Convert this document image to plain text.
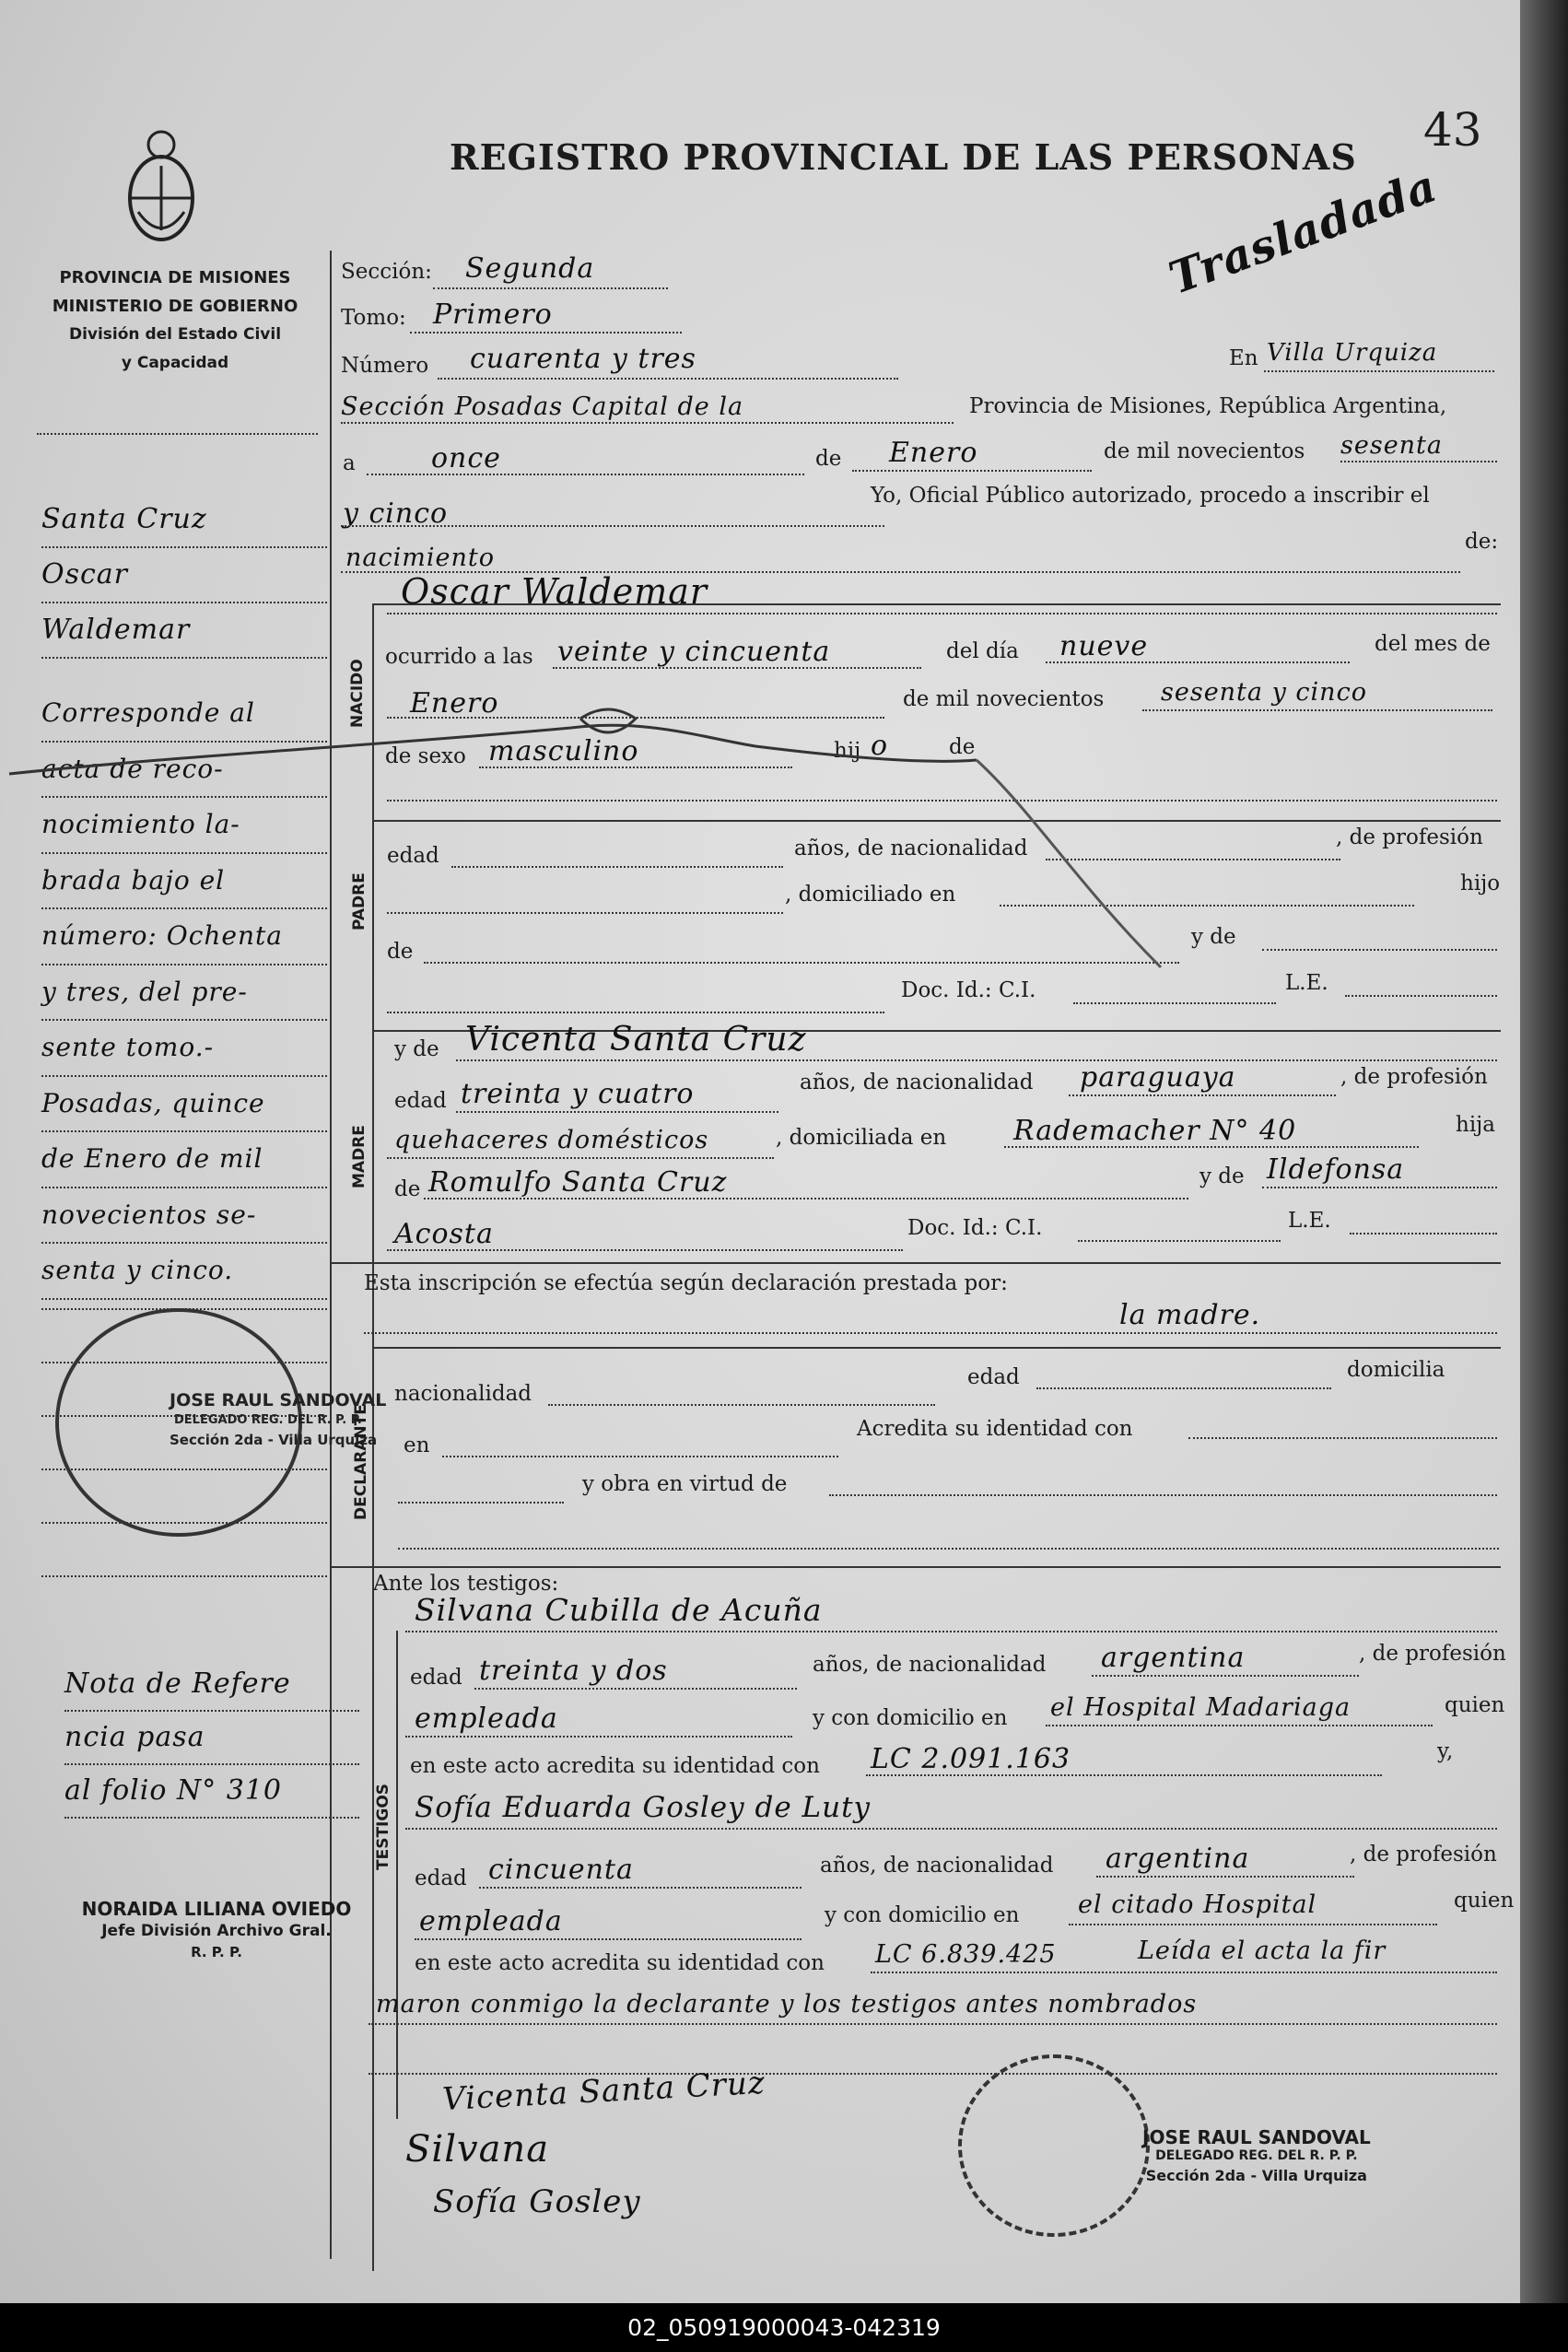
PROVINCIA DE MISIONES
MINISTERIO DE GOBIERNO
División del Estado Civil
y Capacidad
REGISTRO PROVINCIAL DE LAS PERSONAS
43
Trasladada
Santa Cruz
Oscar
Waldemar
Corresponde al
acta de reco-
nocimiento la-
brada bajo el
número: Ochenta
y tres, del pre-
sente tomo.-
Posadas, quince
de Enero de mil
novecientos se-
senta y cinco.
Nota de Refere
ncia pasa
al folio N° 310
JOSE RAUL SANDOVAL
DELEGADO REG. DEL R. P. P.
Sección 2da - Villa Urquiza
NORAIDA LILIANA OVIEDO
Jefe División Archivo Gral.
R. P. P.
Sección: Segunda
Tomo: Primero
Número cuarenta y tres	En Villa Urquiza
Sección Posadas Capital de la	Provincia de Misiones, República Argentina,
a	once	de Enero	de mil novecientos sesenta
y cinco
Yo, Oficial Público autorizado, procedo a inscribir el
nacimiento
de:
NACIDO
Oscar Waldemar
ocurrido a las veinte y cincuenta	del día nueve	del mes de
Enero	de mil novecientos sesenta y cinco
de sexo masculino	hij o	de
PADRE
edad	años, de nacionalidad	, de profesión
, domiciliado en	hijo
de
y de
Doc. Id.: C.I.	L.E.
MADRE
y de Vicenta Santa Cruz
edad treinta y cuatro	años, de nacionalidad paraguaya	, de profesión
quehaceres domésticos	, domiciliada en Rademacher N° 40	hija
de Romulfo Santa Cruz	y de Ildefonsa
Acosta	Doc. Id.: C.I.	L.E.
Esta inscripción se efectúa según declaración prestada por:
la madre.
DECLARANTE
nacionalidad
edad	domicilia
en
Acredita su identidad con
y obra en virtud de
Ante los testigos:
TESTIGOS
Silvana Cubilla de Acuña
edad treinta y dos	años, de nacionalidad argentina	, de profesión
empleada	y con domicilio en el Hospital Madariaga	quien
en este acto acredita su identidad con LC 2.091.163	y,
Sofía Eduarda Gosley de Luty
edad cincuenta	años, de nacionalidad argentina	, de profesión
empleada	y con domicilio en el citado Hospital	quien
en este acto acredita su identidad con LC 6.839.425	Leída el acta la fir
maron conmigo la declarante y los testigos antes nombrados
Vicenta Santa Cruz
Silvana
Sofía Gosley
JOSE RAUL SANDOVAL
DELEGADO REG. DEL R. P. P.
Sección 2da - Villa Urquiza
02_050919000043-042319
